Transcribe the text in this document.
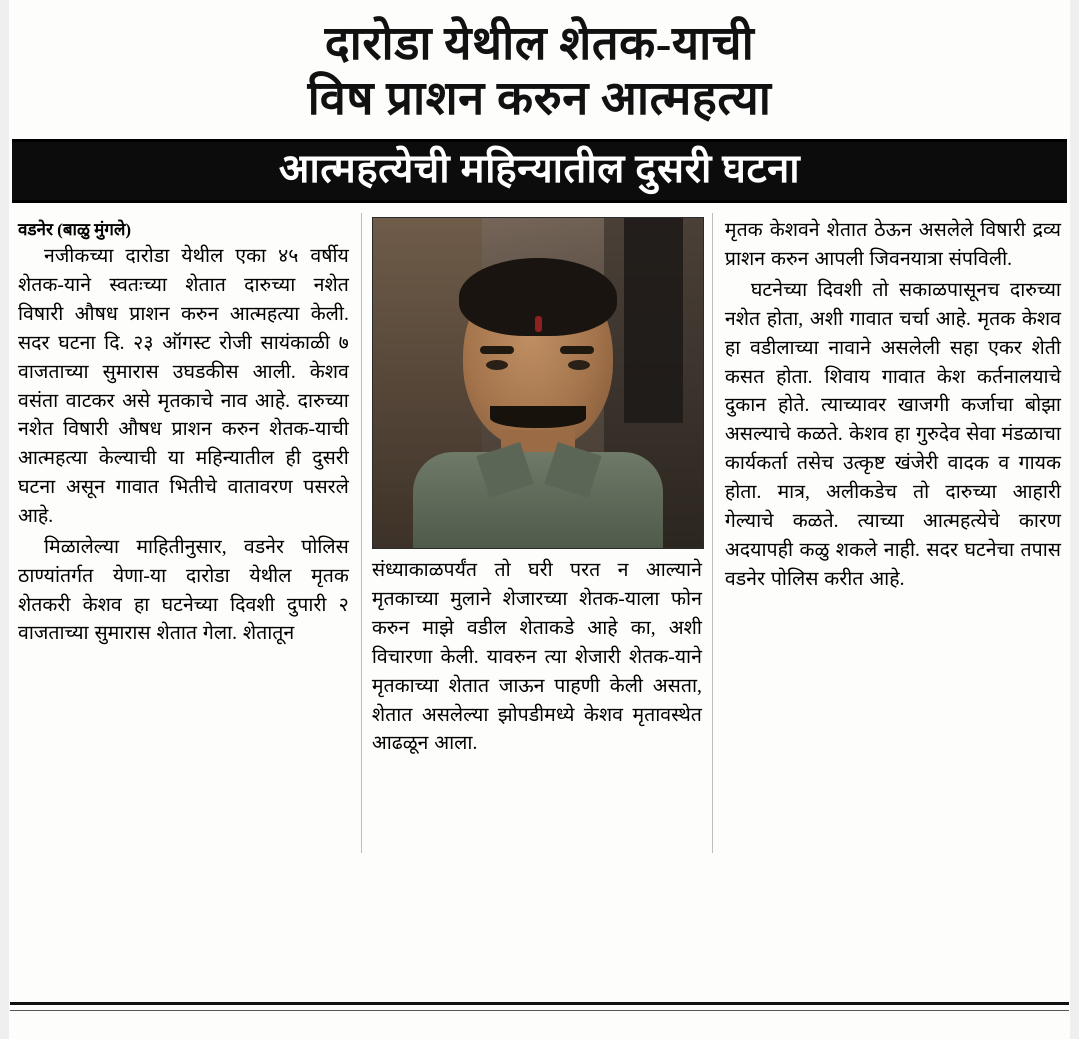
दारोडा येथील शेतक-याची
विष प्राशन करुन आत्महत्या
आत्महत्येची महिन्यातील दुसरी घटना
वडनेर (बाळु मुंगले)

नजीकच्या दारोडा येथील एका ४५ वर्षीय शेतक-याने स्वतःच्या शेतात दारुच्या नशेत विषारी औषध प्राशन करुन आत्महत्या केली. सदर घटना दि. २३ ऑगस्ट रोजी सायंकाळी ७ वाजताच्या सुमारास उघडकीस आली. केशव वसंता वाटकर असे मृतकाचे नाव आहे. दारुच्या नशेत विषारी औषध प्राशन करुन शेतक-याची आत्महत्या केल्याची या महिन्यातील ही दुसरी घटना असून गावात भितीचे वातावरण पसरले आहे.

मिळालेल्या माहितीनुसार, वडनेर पोलिस ठाण्यांतर्गत येणा-या दारोडा येथील मृतक शेतकरी केशव हा घटनेच्या दिवशी दुपारी २ वाजताच्या सुमारास शेतात गेला. शेतातून

संध्याकाळपर्यंत तो घरी परत न आल्याने मृतकाच्या मुलाने शेजारच्या शेतक-याला फोन करुन माझे वडील शेताकडे आहे का, अशी विचारणा केली. यावरुन त्या शेजारी शेतक-याने मृतकाच्या शेतात जाऊन पाहणी केली असता, शेतात असलेल्या झोपडीमध्ये केशव मृतावस्थेत आढळून आला.

मृतक केशवने शेतात ठेऊन असलेले विषारी द्रव्य प्राशन करुन आपली जिवनयात्रा संपविली.

घटनेच्या दिवशी तो सकाळपासूनच दारुच्या नशेत होता, अशी गावात चर्चा आहे. मृतक केशव हा वडीलाच्या नावाने असलेली सहा एकर शेती कसत होता. शिवाय गावात केश कर्तनालयाचे दुकान होते. त्याच्यावर खाजगी कर्जाचा बोझा असल्याचे कळते. केशव हा गुरुदेव सेवा मंडळाचा कार्यकर्ता तसेच उत्कृष्ट खंजेरी वादक व गायक होता. मात्र, अलीकडेच तो दारुच्या आहारी गेल्याचे कळते. त्याच्या आत्महत्येचे कारण अदयापही कळु शकले नाही. सदर घटनेचा तपास वडनेर पोलिस करीत आहे.
